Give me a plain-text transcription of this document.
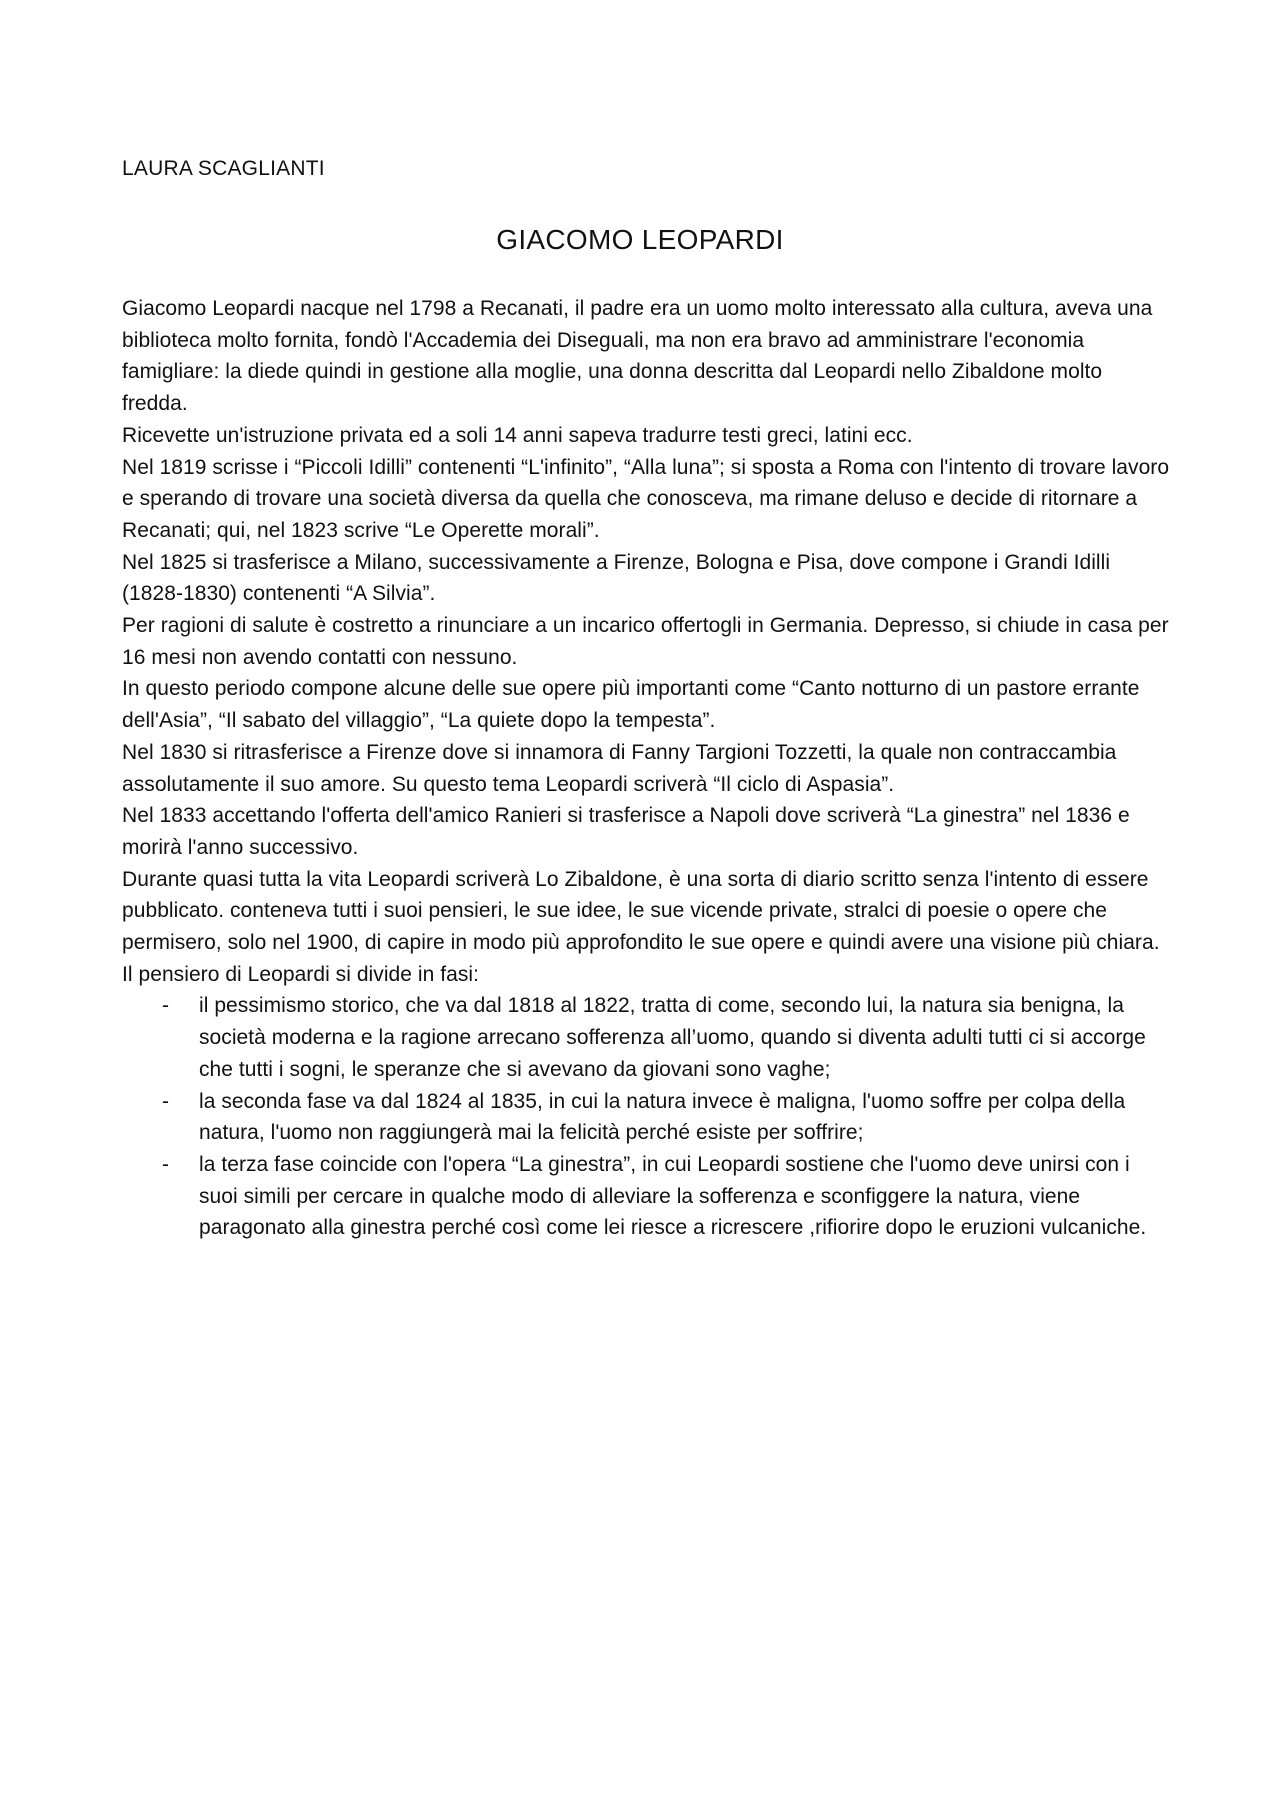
LAURA SCAGLIANTI
GIACOMO LEOPARDI

Giacomo Leopardi nacque nel 1798 a Recanati, il padre era un uomo molto interessato alla cultura, aveva una biblioteca molto fornita, fondò l'Accademia dei Diseguali, ma non era bravo ad amministrare l'economia famigliare: la diede quindi in gestione alla moglie, una donna descritta dal Leopardi nello Zibaldone molto fredda.

Ricevette un'istruzione privata ed a soli 14 anni sapeva tradurre testi greci, latini ecc.

Nel 1819 scrisse i “Piccoli Idilli” contenenti “L'infinito”, “Alla luna”; si sposta a Roma con l'intento di trovare lavoro e sperando di trovare una società diversa da quella che conosceva, ma rimane deluso e decide di ritornare a Recanati; qui, nel 1823 scrive “Le Operette morali”.

Nel 1825 si trasferisce a Milano, successivamente a Firenze, Bologna e Pisa, dove compone i Grandi Idilli (1828-1830) contenenti “A Silvia”.

Per ragioni di salute è costretto a rinunciare a un incarico offertogli in Germania. Depresso, si chiude in casa per 16 mesi non avendo contatti con nessuno.

In questo periodo compone alcune delle sue opere più importanti come “Canto notturno di un pastore errante dell'Asia”, “Il sabato del villaggio”, “La quiete dopo la tempesta”.

Nel 1830 si ritrasferisce a Firenze dove si innamora di Fanny Targioni Tozzetti, la quale non contraccambia assolutamente il suo amore. Su questo tema Leopardi scriverà “Il ciclo di Aspasia”.

Nel 1833 accettando l'offerta dell'amico Ranieri si trasferisce a Napoli dove scriverà “La ginestra” nel 1836 e morirà l'anno successivo.

Durante quasi tutta la vita Leopardi scriverà Lo Zibaldone, è una sorta di diario scritto senza l'intento di essere pubblicato. conteneva tutti i suoi pensieri, le sue idee, le sue vicende private, stralci di poesie o opere che permisero, solo nel 1900, di capire in modo più approfondito le sue opere e quindi avere una visione più chiara.

Il pensiero di Leopardi si divide in fasi:

- il pessimismo storico, che va dal 1818 al 1822, tratta di come, secondo lui, la natura sia benigna, la società moderna e la ragione arrecano sofferenza all’uomo, quando si diventa adulti tutti ci si accorge che tutti i sogni, le speranze che si avevano da giovani sono vaghe;
- la seconda fase va dal 1824 al 1835, in cui la natura invece è maligna, l'uomo soffre per colpa della natura, l'uomo non raggiungerà mai la felicità perché esiste per soffrire;
- la terza fase coincide con l'opera “La ginestra”, in cui Leopardi sostiene che l'uomo deve unirsi con i suoi simili per cercare in qualche modo di alleviare la sofferenza e sconfiggere la natura, viene paragonato alla ginestra perché così come lei riesce a ricrescere ,rifiorire dopo le eruzioni vulcaniche.
